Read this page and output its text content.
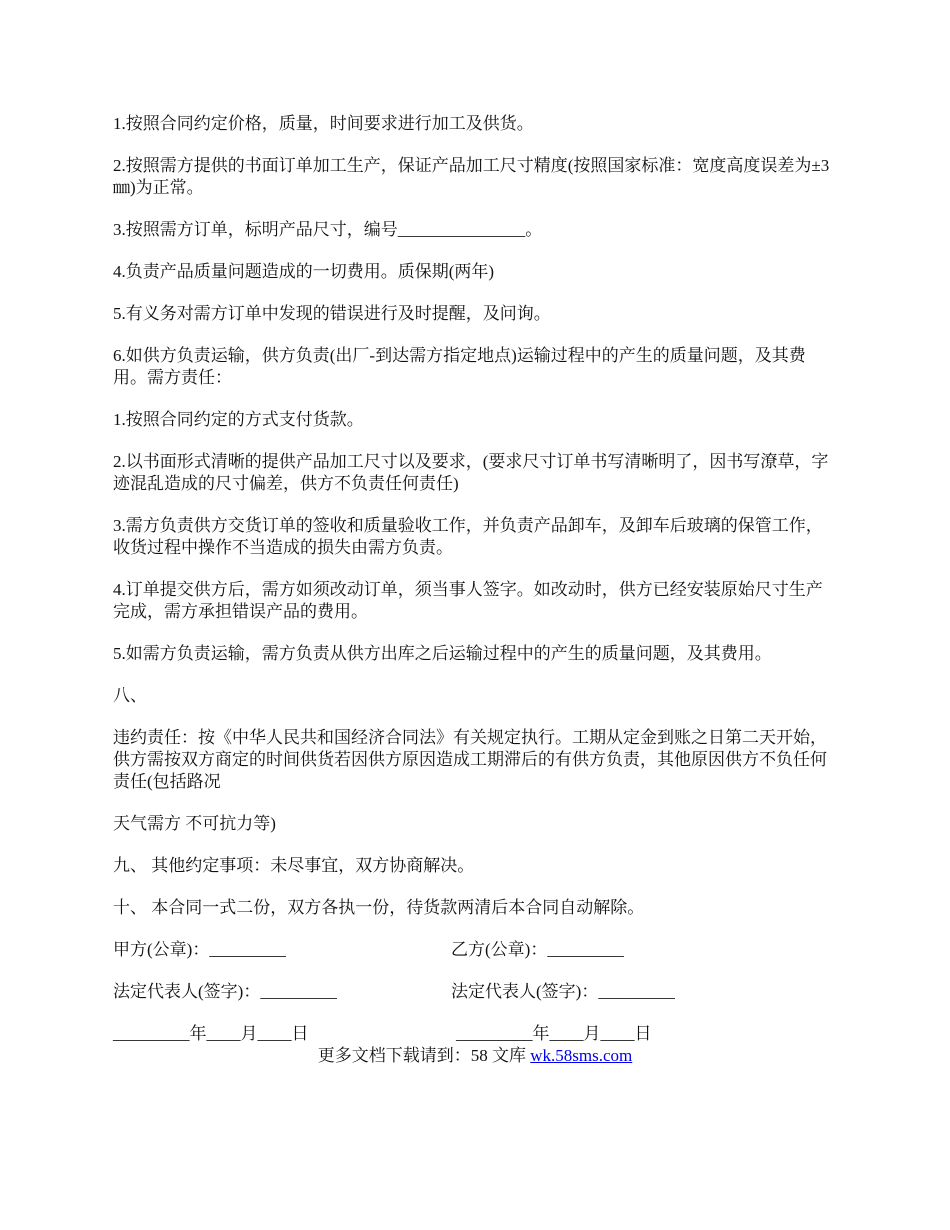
1.按照合同约定价格，质量，时间要求进行加工及供货。

2.按照需方提供的书面订单加工生产，保证产品加工尺寸精度(按照国家标准：宽度高度误差为±3㎜)为正常。

3.按照需方订单，标明产品尺寸，编号_______________。

4.负责产品质量问题造成的一切费用。质保期(两年)

5.有义务对需方订单中发现的错误进行及时提醒，及问询。

6.如供方负责运输，供方负责(出厂-到达需方指定地点)运输过程中的产生的质量问题，及其费用。需方责任：

1.按照合同约定的方式支付货款。

2.以书面形式清晰的提供产品加工尺寸以及要求，(要求尺寸订单书写清晰明了，因书写潦草，字迹混乱造成的尺寸偏差，供方不负责任何责任)

3.需方负责供方交货订单的签收和质量验收工作，并负责产品卸车，及卸车后玻璃的保管工作，收货过程中操作不当造成的损失由需方负责。

4.订单提交供方后，需方如须改动订单，须当事人签字。如改动时，供方已经安装原始尺寸生产完成，需方承担错误产品的费用。

5.如需方负责运输，需方负责从供方出库之后运输过程中的产生的质量问题，及其费用。

八、

违约责任：按《中华人民共和国经济合同法》有关规定执行。工期从定金到账之日第二天开始，供方需按双方商定的时间供货若因供方原因造成工期滞后的有供方负责，其他原因供方不负任何责任(包括路况

天气需方 不可抗力等)

九、 其他约定事项：未尽事宜，双方协商解决。

十、 本合同一式二份，双方各执一份，待货款两清后本合同自动解除。

甲方(公章)：_________	乙方(公章)：_________
法定代表人(签字)：_________	法定代表人(签字)：_________
_________年____月____日	_________年____月____日
更多文档下载请到：58 文库 wk.58sms.com
